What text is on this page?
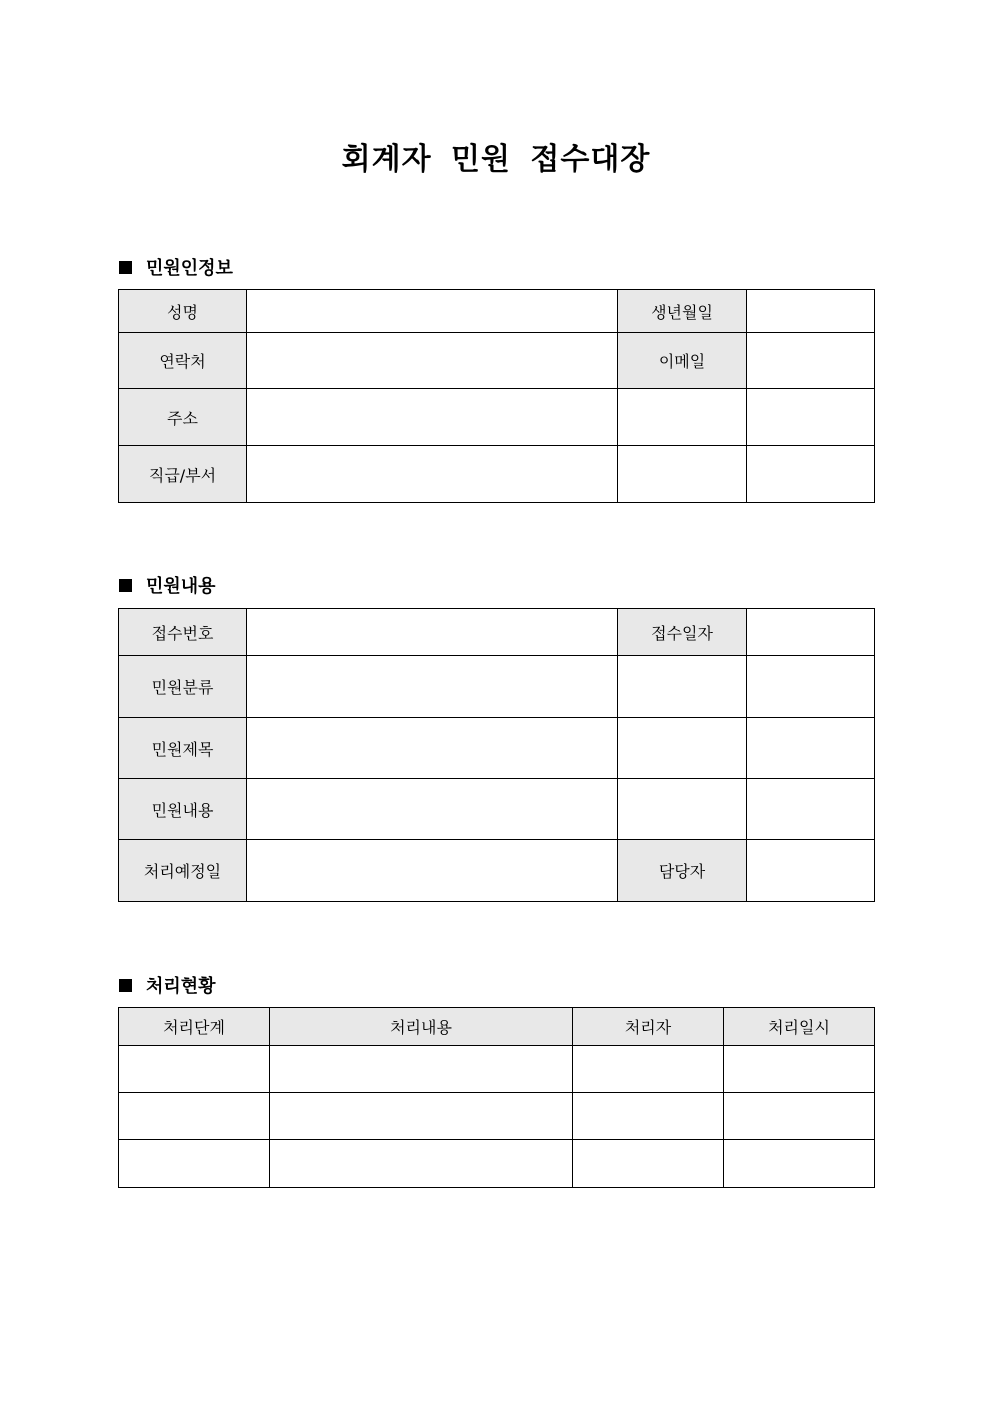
회계자 민원 접수대장
민원인정보
성명		생년월일	
연락처		이메일	
주소			
직급/부서			
민원내용
접수번호		접수일자	
민원분류			
민원제목			
민원내용			
처리예정일		담당자	
처리현황
처리단계	처리내용	처리자	처리일시
